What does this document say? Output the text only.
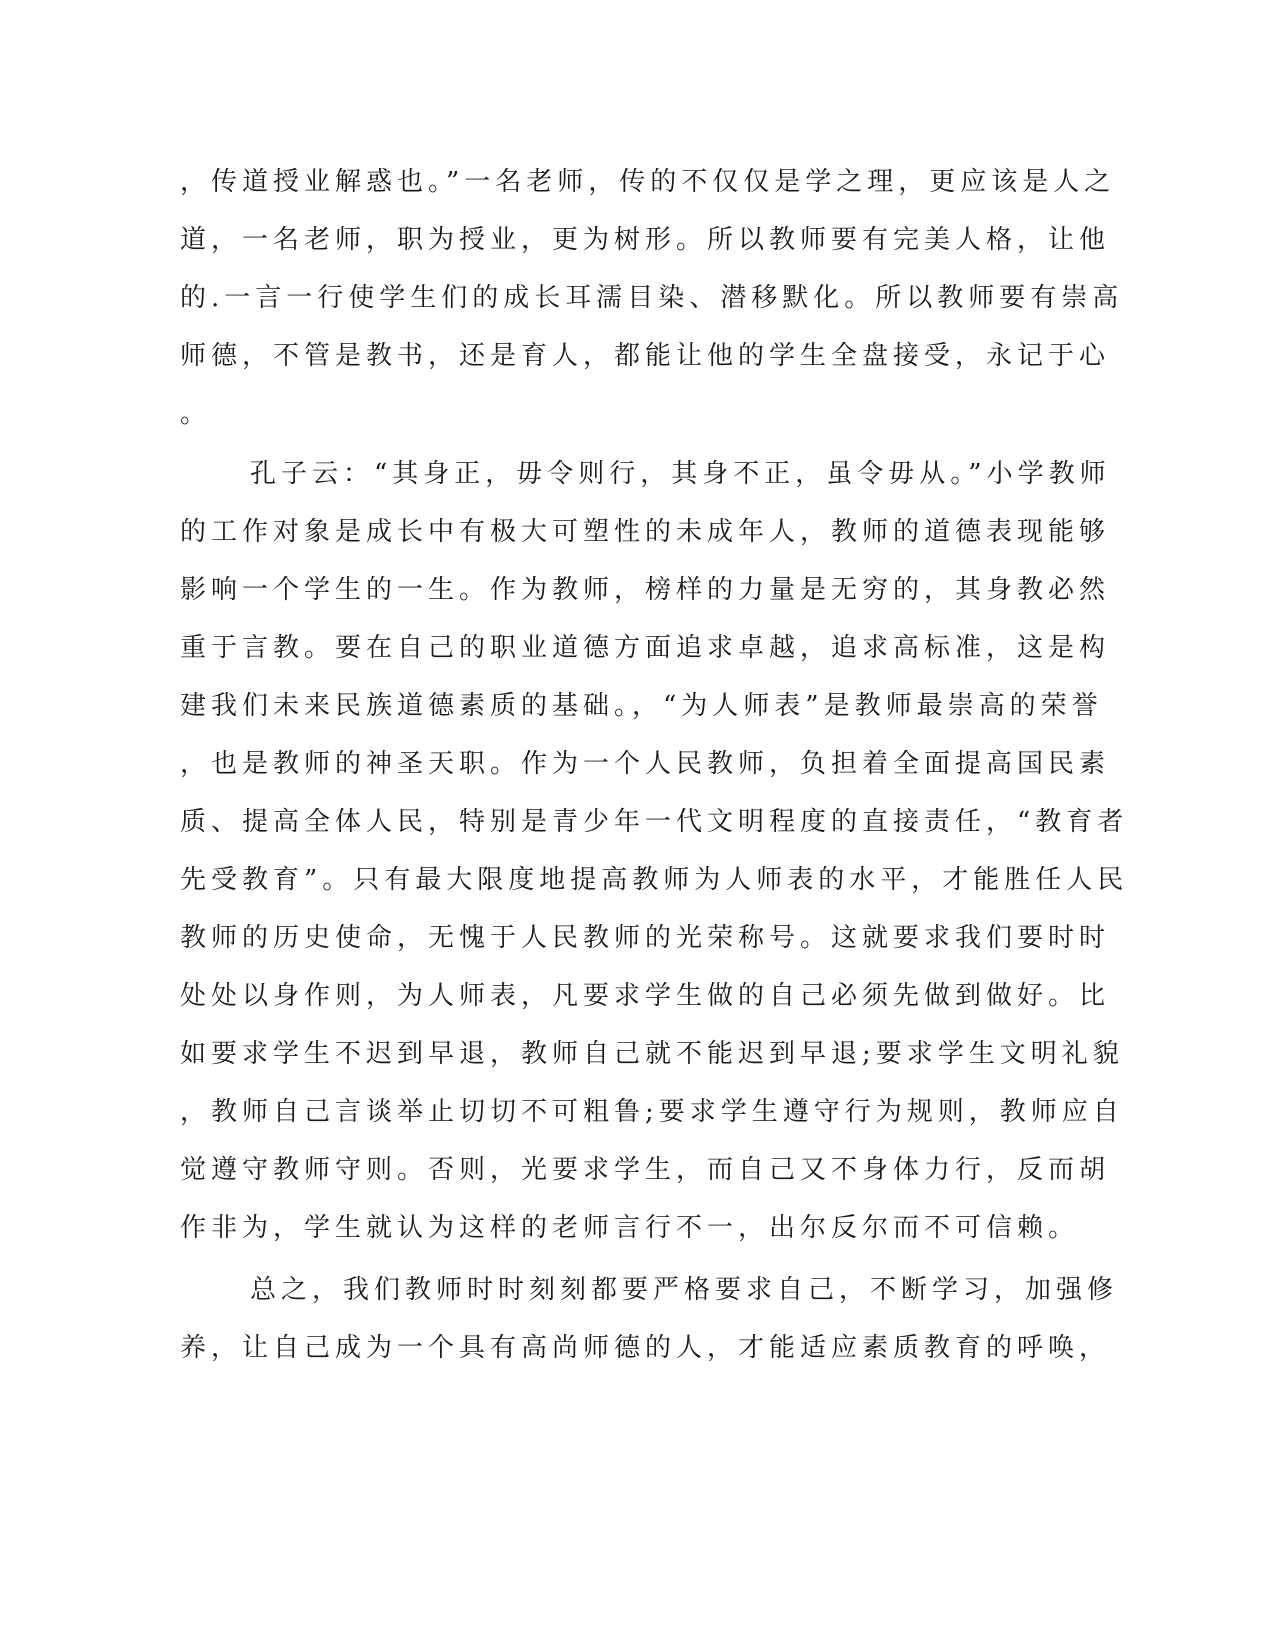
，传道授业解惑也。”一名老师，传的不仅仅是学之理，更应该是人之
道，一名老师，职为授业，更为树形。所以教师要有完美人格，让他
的.一言一行使学生们的成长耳濡目染、潜移默化。所以教师要有崇高
师德，不管是教书，还是育人，都能让他的学生全盘接受，永记于心
。
孔子云：“其身正，毋令则行，其身不正，虽令毋从。”小学教师
的工作对象是成长中有极大可塑性的未成年人，教师的道德表现能够
影响一个学生的一生。作为教师，榜样的力量是无穷的，其身教必然
重于言教。要在自己的职业道德方面追求卓越，追求高标准，这是构
建我们未来民族道德素质的基础。，“为人师表”是教师最崇高的荣誉
，也是教师的神圣天职。作为一个人民教师，负担着全面提高国民素
质、提高全体人民，特别是青少年一代文明程度的直接责任，“教育者
先受教育”。只有最大限度地提高教师为人师表的水平，才能胜任人民
教师的历史使命，无愧于人民教师的光荣称号。这就要求我们要时时
处处以身作则，为人师表，凡要求学生做的自己必须先做到做好。比
如要求学生不迟到早退，教师自己就不能迟到早退;要求学生文明礼貌
，教师自己言谈举止切切不可粗鲁;要求学生遵守行为规则，教师应自
觉遵守教师守则。否则，光要求学生，而自己又不身体力行，反而胡
作非为，学生就认为这样的老师言行不一，出尔反尔而不可信赖。
总之，我们教师时时刻刻都要严格要求自己，不断学习，加强修
养，让自己成为一个具有高尚师德的人，才能适应素质教育的呼唤，
